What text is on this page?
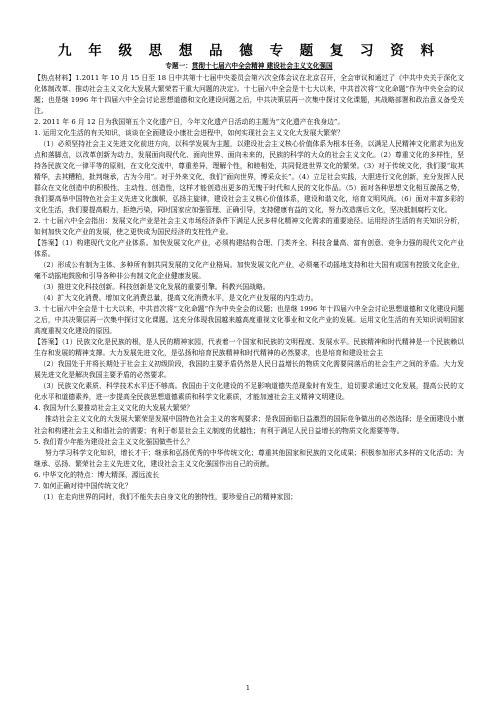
九 年 级 思 想 品 德 专 题 复 习 资 料
专题一：贯彻十七届六中全会精神 建设社会主义文化强国

【热点材料】1.2011 年 10 月 15 日至 18 日中共第十七届中央委员会第六次全体会议在北京召开，全会审议和通过了《中共中央关于深化文化体制改革、推动社会主义文化大发展大繁荣若干重大问题的决定》。十七届六中全会是十七大以来，中共首次将“文化命题”作为中央全会的议题；也是继 1996 年十四届六中全会讨论思想道德和文化建设问题之后，中共决策层再一次集中探讨文化课题，其战略部署和政治意义备受关注。

2. 2011 年 6 月 12 日为我国第五个文化遗产日，今年文化遗产日活动的主题为“文化遗产在我身边”。

1. 运用文化生活的有关知识，谈谈在全面建设小康社会进程中，如何实现社会主义文化大发展大繁荣？

（1）必须坚持社会主义先进文化前进方向，以科学发展为主题，以建设社会主义核心价值体系为根本任务，以满足人民精神文化需求为出发点和落脚点，以改革创新为动力，发展面向现代化、面向世界、面向未来的，民族的科学的大众的社会主义文化。（2）尊重文化的多样性，坚持各民族文化一律平等的原则，在文化交流中，尊重差异，理解个性，和睦相处，共同促进世界文化的繁荣。（3）对于传统文化，我们要“取其精华，去其糟粕，批判继承，古为今用”。对于外来文化，我们“面向世界，博采众长”。（4）立足社会实践，大胆进行文化创新，充分发挥人民群众在文化创造中的积极性、主动性、创造性，这样才能创造出更多的无愧于时代和人民的文化作品。（5）面对各种思想文化相互激荡之势，我们要高举中国特色社会主义先进文化旗帜，弘扬主旋律，建设社会主义核心价值体系，建设和谐文化，培育文明风尚。（6）面对丰富多彩的文化生活，我们要提高眼力，拒绝污染，同时国家应加强管理、正确引导，支持健康有益的文化，努力改造落后文化，坚决抵制腐朽文化。

2. 十七届六中全会指出：发展文化产业是社会主义市场经济条件下满足人民多样化精神文化需求的重要途径。运用经济生活的有关知识分析，如何加快文化产业的发展，使之更快成为国民经济的支柱性产业。

【答案】（1）构建现代文化产业体系。加快发展文化产业，必须构建结构合理、门类齐全、科技含量高、富有创意、竞争力强的现代文化产业体系。

（2）形成公有制为主体、多种所有制共同发展的文化产业格局。加快发展文化产业，必须毫不动摇地支持和壮大国有或国有控股文化企业，毫不动摇地鼓励和引导各种非公有制文化企业健康发展。

（3）推进文化科技创新。科技创新是文化发展的重要引擎。科教兴国战略。

（4）扩大文化消费。增加文化消费总量，提高文化消费水平，是文化产业发展的内生动力。

3. 十七届六中全会是十七大以来，中共首次将“文化命题”作为中央全会的议题；也是继 1996 年十四届六中全会讨论思想道德和文化建设问题之后，中共决策层再一次集中探讨文化课题。这充分体现我国越来越高度重视文化事业和文化产业的发展。运用文化生活的有关知识说明国家高度重视文化建设的原因。

【答案】（1）民族文化是民族的根，是人民的精神家园，代表着一个国家和民族的文明程度、发展水平。民族精神和时代精神是一个民族赖以生存和发展的精神支撑。大力发展先进文化，是弘扬和培育民族精神和时代精神的必然要求，也是培育和建设社会主

（2）我国处于并将长期处于社会主义初级阶段，我国的主要矛盾仍然是人民日益增长的物质文化需要同落后的社会生产之间的矛盾。大力发展先进文化是解决我国主要矛盾的必然要求。

（3）民族文化素质、科学技术水平还不够高。我国由于文化建设的不足影响道德失范现象时有发生，迫切要求通过文化发展，提高公民的文化水平和道德素养，进一步提高全民族思想道德素质和科学文化素质，才能加速社会主义精神文明建设。

4. 我国为什么要推动社会主义文化的大发展大繁荣？

推动社会主义文化的大发展大繁荣是发展中国特色社会主义的客观要求；是我国面临日益激烈的国际竞争做出的必然选择；是全面建设小康社会和构建社会主义和谐社会的需要；有利于彰显社会主义制度的优越性；有利于满足人民日益增长的物质文化需要等等。

5. 我们青少年能为建设社会主义文化强国做些什么？

努力学习科学文化知识，增长才干；继承和弘扬优秀的中华传统文化；尊重其他国家和民族的文化成果；积极参加形式多样的文化活动；为继承、弘扬、繁荣社会主义先进文化，建设社会主义文化强国作出自己的贡献。

6. 中华文化的特点：博大精深、源远流长

7. 如何正确对待中国传统文化？

（1）在走向世界的同时，我们不能失去自身文化的独特性，要珍爱自己的精神家园；

1
